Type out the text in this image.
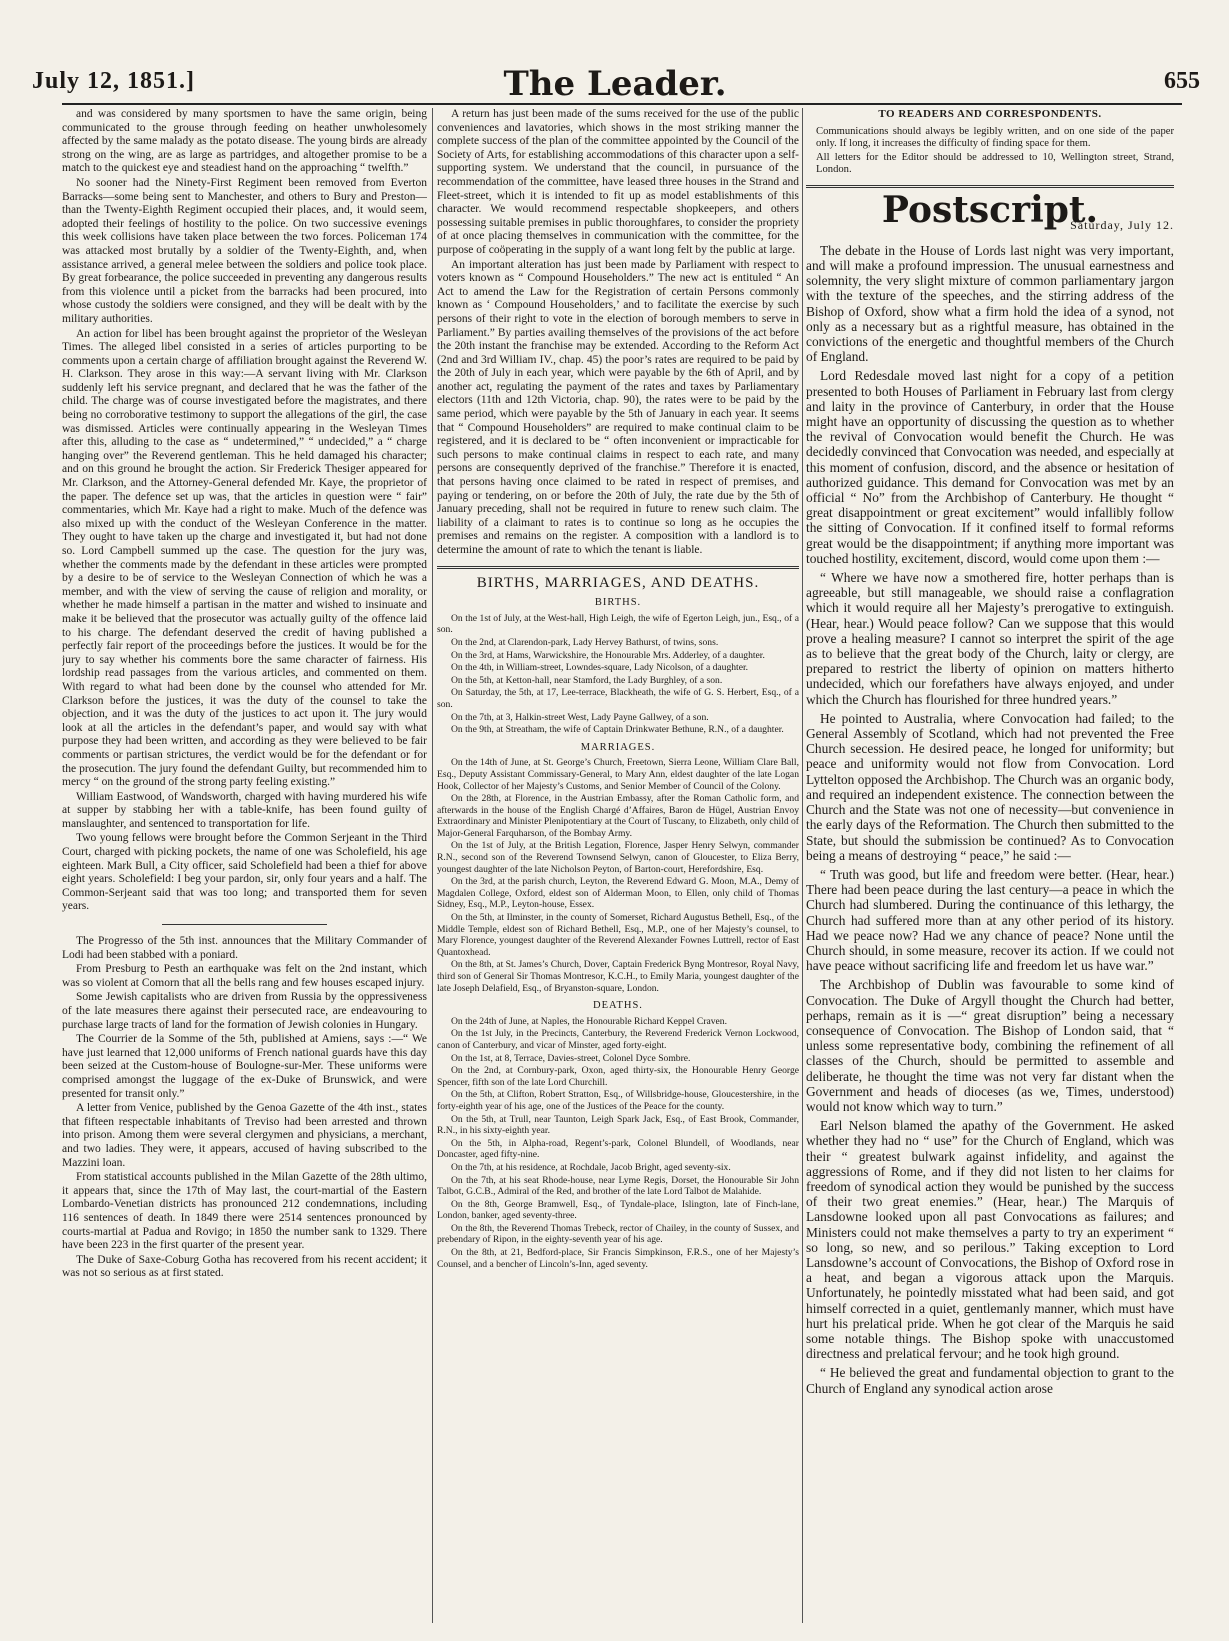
July 12, 1851.]	The Leader.	655

and was considered by many sportsmen to have the same origin, being communicated to the grouse through feeding on heather unwholesomely affected by the same malady as the potato disease. The young birds are already strong on the wing, are as large as partridges, and altogether promise to be a match to the quickest eye and steadiest hand on the approaching “ twelfth.”

No sooner had the Ninety-First Regiment been removed from Everton Barracks—some being sent to Manchester, and others to Bury and Preston—than the Twenty-Eighth Regiment occupied their places, and, it would seem, adopted their feelings of hostility to the police. On two successive evenings this week collisions have taken place between the two forces. Policeman 174 was attacked most brutally by a soldier of the Twenty-Eighth, and, when assistance arrived, a general melee between the soldiers and police took place. By great forbearance, the police succeeded in preventing any dangerous results from this violence until a picket from the barracks had been procured, into whose custody the soldiers were consigned, and they will be dealt with by the military authorities.

An action for libel has been brought against the proprietor of the Wesleyan Times. The alleged libel consisted in a series of articles purporting to be comments upon a certain charge of affiliation brought against the Reverend W. H. Clarkson. They arose in this way:—A servant living with Mr. Clarkson suddenly left his service pregnant, and declared that he was the father of the child. The charge was of course investigated before the magistrates, and there being no corroborative testimony to support the allegations of the girl, the case was dismissed. Articles were continually appearing in the Wesleyan Times after this, alluding to the case as “ undetermined,” “ undecided,” a “ charge hanging over” the Reverend gentleman. This he held damaged his character; and on this ground he brought the action. Sir Frederick Thesiger appeared for Mr. Clarkson, and the Attorney-General defended Mr. Kaye, the proprietor of the paper. The defence set up was, that the articles in question were “ fair” commentaries, which Mr. Kaye had a right to make. Much of the defence was also mixed up with the conduct of the Wesleyan Conference in the matter. They ought to have taken up the charge and investigated it, but had not done so. Lord Campbell summed up the case. The question for the jury was, whether the comments made by the defendant in these articles were prompted by a desire to be of service to the Wesleyan Connection of which he was a member, and with the view of serving the cause of religion and morality, or whether he made himself a partisan in the matter and wished to insinuate and make it be believed that the prosecutor was actually guilty of the offence laid to his charge. The defendant deserved the credit of having published a perfectly fair report of the proceedings before the justices. It would be for the jury to say whether his comments bore the same character of fairness. His lordship read passages from the various articles, and commented on them. With regard to what had been done by the counsel who attended for Mr. Clarkson before the justices, it was the duty of the counsel to take the objection, and it was the duty of the justices to act upon it. The jury would look at all the articles in the defendant’s paper, and would say with what purpose they had been written, and according as they were believed to be fair comments or partisan strictures, the verdict would be for the defendant or for the prosecution. The jury found the defendant Guilty, but recommended him to mercy “ on the ground of the strong party feeling existing.”

William Eastwood, of Wandsworth, charged with having murdered his wife at supper by stabbing her with a table-knife, has been found guilty of manslaughter, and sentenced to transportation for life.

Two young fellows were brought before the Common Serjeant in the Third Court, charged with picking pockets, the name of one was Scholefield, his age eighteen. Mark Bull, a City officer, said Scholefield had been a thief for above eight years. Scholefield: I beg your pardon, sir, only four years and a half. The Common-Serjeant said that was too long; and transported them for seven years.

The Progresso of the 5th inst. announces that the Military Commander of Lodi had been stabbed with a poniard.

From Presburg to Pesth an earthquake was felt on the 2nd instant, which was so violent at Comorn that all the bells rang and few houses escaped injury.

Some Jewish capitalists who are driven from Russia by the oppressiveness of the late measures there against their persecuted race, are endeavouring to purchase large tracts of land for the formation of Jewish colonies in Hungary.

The Courrier de la Somme of the 5th, published at Amiens, says :—“ We have just learned that 12,000 uniforms of French national guards have this day been seized at the Custom-house of Boulogne-sur-Mer. These uniforms were comprised amongst the luggage of the ex-Duke of Brunswick, and were presented for transit only.”

A letter from Venice, published by the Genoa Gazette of the 4th inst., states that fifteen respectable inhabitants of Treviso had been arrested and thrown into prison. Among them were several clergymen and physicians, a merchant, and two ladies. They were, it appears, accused of having subscribed to the Mazzini loan.

From statistical accounts published in the Milan Gazette of the 28th ultimo, it appears that, since the 17th of May last, the court-martial of the Eastern Lombardo-Venetian districts has pronounced 212 condemnations, including 116 sentences of death. In 1849 there were 2514 sentences pronounced by courts-martial at Padua and Rovigo; in 1850 the number sank to 1329. There have been 223 in the first quarter of the present year.

The Duke of Saxe-Coburg Gotha has recovered from his recent accident; it was not so serious as at first stated.

A return has just been made of the sums received for the use of the public conveniences and lavatories, which shows in the most striking manner the complete success of the plan of the committee appointed by the Council of the Society of Arts, for establishing accommodations of this character upon a self-supporting system. We understand that the council, in pursuance of the recommendation of the committee, have leased three houses in the Strand and Fleet-street, which it is intended to fit up as model establishments of this character. We would recommend respectable shopkeepers, and others possessing suitable premises in public thoroughfares, to consider the propriety of at once placing themselves in communication with the committee, for the purpose of coöperating in the supply of a want long felt by the public at large.

An important alteration has just been made by Parliament with respect to voters known as “ Compound Householders.” The new act is entituled “ An Act to amend the Law for the Registration of certain Persons commonly known as ‘ Compound Householders,’ and to facilitate the exercise by such persons of their right to vote in the election of borough members to serve in Parliament.” By parties availing themselves of the provisions of the act before the 20th instant the franchise may be extended. According to the Reform Act (2nd and 3rd William IV., chap. 45) the poor’s rates are required to be paid by the 20th of July in each year, which were payable by the 6th of April, and by another act, regulating the payment of the rates and taxes by Parliamentary electors (11th and 12th Victoria, chap. 90), the rates were to be paid by the same period, which were payable by the 5th of January in each year. It seems that “ Compound Householders” are required to make continual claim to be registered, and it is declared to be “ often inconvenient or impracticable for such persons to make continual claims in respect to each rate, and many persons are consequently deprived of the franchise.” Therefore it is enacted, that persons having once claimed to be rated in respect of premises, and paying or tendering, on or before the 20th of July, the rate due by the 5th of January preceding, shall not be required in future to renew such claim. The liability of a claimant to rates is to continue so long as he occupies the premises and remains on the register. A composition with a landlord is to determine the amount of rate to which the tenant is liable.

BIRTHS, MARRIAGES, AND DEATHS.
BIRTHS.

On the 1st of July, at the West-hall, High Leigh, the wife of Egerton Leigh, jun., Esq., of a son.

On the 2nd, at Clarendon-park, Lady Hervey Bathurst, of twins, sons.

On the 3rd, at Hams, Warwickshire, the Honourable Mrs. Adderley, of a daughter.

On the 4th, in William-street, Lowndes-square, Lady Nicolson, of a daughter.

On the 5th, at Ketton-hall, near Stamford, the Lady Burghley, of a son.

On Saturday, the 5th, at 17, Lee-terrace, Blackheath, the wife of G. S. Herbert, Esq., of a son.

On the 7th, at 3, Halkin-street West, Lady Payne Gallwey, of a son.

On the 9th, at Streatham, the wife of Captain Drinkwater Bethune, R.N., of a daughter.

MARRIAGES.

On the 14th of June, at St. George’s Church, Freetown, Sierra Leone, William Clare Ball, Esq., Deputy Assistant Commissary-General, to Mary Ann, eldest daughter of the late Logan Hook, Collector of her Majesty’s Customs, and Senior Member of Council of the Colony.

On the 28th, at Florence, in the Austrian Embassy, after the Roman Catholic form, and afterwards in the house of the English Chargé d’Affaires, Baron de Hügel, Austrian Envoy Extraordinary and Minister Plenipotentiary at the Court of Tuscany, to Elizabeth, only child of Major-General Farquharson, of the Bombay Army.

On the 1st of July, at the British Legation, Florence, Jasper Henry Selwyn, commander R.N., second son of the Reverend Townsend Selwyn, canon of Gloucester, to Eliza Berry, youngest daughter of the late Nicholson Peyton, of Barton-court, Herefordshire, Esq.

On the 3rd, at the parish church, Leyton, the Reverend Edward G. Moon, M.A., Demy of Magdalen College, Oxford, eldest son of Alderman Moon, to Ellen, only child of Thomas Sidney, Esq., M.P., Leyton-house, Essex.

On the 5th, at Ilminster, in the county of Somerset, Richard Augustus Bethell, Esq., of the Middle Temple, eldest son of Richard Bethell, Esq., M.P., one of her Majesty’s counsel, to Mary Florence, youngest daughter of the Reverend Alexander Fownes Luttrell, rector of East Quantoxhead.

On the 8th, at St. James’s Church, Dover, Captain Frederick Byng Montresor, Royal Navy, third son of General Sir Thomas Montresor, K.C.H., to Emily Maria, youngest daughter of the late Joseph Delafield, Esq., of Bryanston-square, London.

DEATHS.

On the 24th of June, at Naples, the Honourable Richard Keppel Craven.

On the 1st July, in the Precincts, Canterbury, the Reverend Frederick Vernon Lockwood, canon of Canterbury, and vicar of Minster, aged forty-eight.

On the 1st, at 8, Terrace, Davies-street, Colonel Dyce Sombre.

On the 2nd, at Cornbury-park, Oxon, aged thirty-six, the Honourable Henry George Spencer, fifth son of the late Lord Churchill.

On the 5th, at Clifton, Robert Stratton, Esq., of Willsbridge-house, Gloucestershire, in the forty-eighth year of his age, one of the Justices of the Peace for the county.

On the 5th, at Trull, near Taunton, Leigh Spark Jack, Esq., of East Brook, Commander, R.N., in his sixty-eighth year.

On the 5th, in Alpha-road, Regent’s-park, Colonel Blundell, of Woodlands, near Doncaster, aged fifty-nine.

On the 7th, at his residence, at Rochdale, Jacob Bright, aged seventy-six.

On the 7th, at his seat Rhode-house, near Lyme Regis, Dorset, the Honourable Sir John Talbot, G.C.B., Admiral of the Red, and brother of the late Lord Talbot de Malahide.

On the 8th, George Bramwell, Esq., of Tyndale-place, Islington, late of Finch-lane, London, banker, aged seventy-three.

On the 8th, the Reverend Thomas Trebeck, rector of Chailey, in the county of Sussex, and prebendary of Ripon, in the eighty-seventh year of his age.

On the 8th, at 21, Bedford-place, Sir Francis Simpkinson, F.R.S., one of her Majesty’s Counsel, and a bencher of Lincoln’s-Inn, aged seventy.

TO READERS AND CORRESPONDENTS.

Communications should always be legibly written, and on one side of the paper only. If long, it increases the difficulty of finding space for them.

All letters for the Editor should be addressed to 10, Wellington street, Strand, London.

Postscript.
Saturday, July 12.

The debate in the House of Lords last night was very important, and will make a profound impression. The unusual earnestness and solemnity, the very slight mixture of common parliamentary jargon with the texture of the speeches, and the stirring address of the Bishop of Oxford, show what a firm hold the idea of a synod, not only as a necessary but as a rightful measure, has obtained in the convictions of the energetic and thoughtful members of the Church of England.

Lord Redesdale moved last night for a copy of a petition presented to both Houses of Parliament in February last from clergy and laity in the province of Canterbury, in order that the House might have an opportunity of discussing the question as to whether the revival of Convocation would benefit the Church. He was decidedly convinced that Convocation was needed, and especially at this moment of confusion, discord, and the absence or hesitation of authorized guidance. This demand for Convocation was met by an official “ No” from the Archbishop of Canterbury. He thought “ great disappointment or great excitement” would infallibly follow the sitting of Convocation. If it confined itself to formal reforms great would be the disappointment; if anything more important was touched hostility, excitement, discord, would come upon them :—

“ Where we have now a smothered fire, hotter perhaps than is agreeable, but still manageable, we should raise a conflagration which it would require all her Majesty’s prerogative to extinguish. (Hear, hear.) Would peace follow? Can we suppose that this would prove a healing measure? I cannot so interpret the spirit of the age as to believe that the great body of the Church, laity or clergy, are prepared to restrict the liberty of opinion on matters hitherto undecided, which our forefathers have always enjoyed, and under which the Church has flourished for three hundred years.”

He pointed to Australia, where Convocation had failed; to the General Assembly of Scotland, which had not prevented the Free Church secession. He desired peace, he longed for uniformity; but peace and uniformity would not flow from Convocation. Lord Lyttelton opposed the Archbishop. The Church was an organic body, and required an independent existence. The connection between the Church and the State was not one of necessity—but convenience in the early days of the Reformation. The Church then submitted to the State, but should the submission be continued? As to Convocation being a means of destroying “ peace,” he said :—

“ Truth was good, but life and freedom were better. (Hear, hear.) There had been peace during the last century—a peace in which the Church had slumbered. During the continuance of this lethargy, the Church had suffered more than at any other period of its history. Had we peace now? Had we any chance of peace? None until the Church should, in some measure, recover its action. If we could not have peace without sacrificing life and freedom let us have war.”

The Archbishop of Dublin was favourable to some kind of Convocation. The Duke of Argyll thought the Church had better, perhaps, remain as it is —“ great disruption” being a necessary consequence of Convocation. The Bishop of London said, that “ unless some representative body, combining the refinement of all classes of the Church, should be permitted to assemble and deliberate, he thought the time was not very far distant when the Government and heads of dioceses (as we, Times, understood) would not know which way to turn.”

Earl Nelson blamed the apathy of the Government. He asked whether they had no “ use” for the Church of England, which was their “ greatest bulwark against infidelity, and against the aggressions of Rome, and if they did not listen to her claims for freedom of synodical action they would be punished by the success of their two great enemies.” (Hear, hear.) The Marquis of Lansdowne looked upon all past Convocations as failures; and Ministers could not make themselves a party to try an experiment “ so long, so new, and so perilous.” Taking exception to Lord Lansdowne’s account of Convocations, the Bishop of Oxford rose in a heat, and began a vigorous attack upon the Marquis. Unfortunately, he pointedly misstated what had been said, and got himself corrected in a quiet, gentlemanly manner, which must have hurt his prelatical pride. When he got clear of the Marquis he said some notable things. The Bishop spoke with unaccustomed directness and prelatical fervour; and he took high ground.

“ He believed the great and fundamental objection to grant to the Church of England any synodical action arose
